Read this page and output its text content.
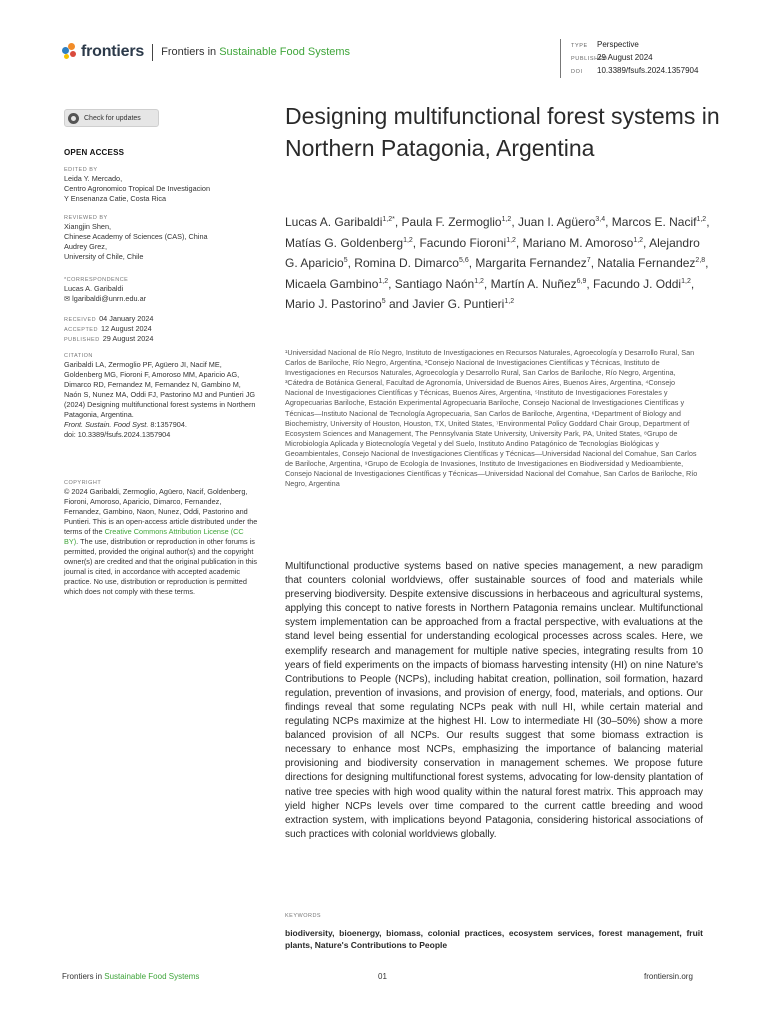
frontiers Frontiers in Sustainable Food Systems	TYPE Perspective
PUBLISHED29 August 2024
DOI 10.3389/fsufs.2024.1357904
Check for updates
OPEN ACCESS
EDITED BY
Leida Y. Mercado,
Centro Agronomico Tropical De Investigacion
Y Ensenanza Catie, Costa Rica
REVIEWED BY
Xiangjin Shen,
Chinese Academy of Sciences (CAS), China
Audrey Grez,
University of Chile, Chile
*CORRESPONDENCE
Lucas A. Garibaldi
✉ lgaribaldi@unrn.edu.ar
RECEIVED 04 January 2024
ACCEPTED 12 August 2024
PUBLISHED 29 August 2024
CITATION
Garibaldi LA, Zermoglio PF, Agüero JI, Nacif ME, Goldenberg MG, Fioroni F, Amoroso MM, Aparicio AG, Dimarco RD, Fernandez M, Fernandez N, Gambino M, Naón S, Nunez MA, Oddi FJ, Pastorino MJ and Puntieri JG (2024) Designing multifunctional forest systems in Northern Patagonia, Argentina.
Front. Sustain. Food Syst. 8:1357904.
doi: 10.3389/fsufs.2024.1357904
COPYRIGHT
© 2024 Garibaldi, Zermoglio, Agüero, Nacif, Goldenberg, Fioroni, Amoroso, Aparicio, Dimarco, Fernandez, Fernandez, Gambino, Naon, Nunez, Oddi, Pastorino and Puntieri. This is an open-access article distributed under the terms of the Creative Commons Attribution License (CC BY). The use, distribution or reproduction in other forums is permitted, provided the original author(s) and the copyright owner(s) are credited and that the original publication in this journal is cited, in accordance with accepted academic practice. No use, distribution or reproduction is permitted which does not comply with these terms.
Designing multifunctional forest systems in Northern Patagonia, Argentina

Lucas A. Garibaldi$^{1,2*}$, Paula F. Zermoglio$^{1,2}$, Juan I. Agüero$^{3,4}$, Marcos E. Nacif$^{1,2}$, Matías G. Goldenberg$^{1,2}$, Facundo Fioroni$^{1,2}$, Mariano M. Amoroso$^{1,2}$, Alejandro G. Aparicio$^5$, Romina D. Dimarco$^{5,6}$, Margarita Fernandez$^7$, Natalia Fernandez$^{2,8}$, Micaela Gambino$^{1,2}$, Santiago Naón$^{1,2}$, Martín A. Nuñez$^{6,9}$, Facundo J. Oddi$^{1,2}$, Mario J. Pastorino$^5$ and Javier G. Puntieri$^{1,2}$

¹Universidad Nacional de Río Negro, Instituto de Investigaciones en Recursos Naturales, Agroecología y Desarrollo Rural, San Carlos de Bariloche, Río Negro, Argentina, ²Consejo Nacional de Investigaciones Científicas y Técnicas, Instituto de Investigaciones en Recursos Naturales, Agroecología y Desarrollo Rural, San Carlos de Bariloche, Río Negro, Argentina, ³Cátedra de Botánica General, Facultad de Agronomía, Universidad de Buenos Aires, Buenos Aires, Argentina, ⁴Consejo Nacional de Investigaciones Científicas y Técnicas, Buenos Aires, Argentina, ⁵Instituto de Investigaciones Forestales y Agropecuarias Bariloche, Estación Experimental Agropecuaria Bariloche, Consejo Nacional de Investigaciones Científicas y Técnicas—Instituto Nacional de Tecnología Agropecuaria, San Carlos de Bariloche, Argentina, ⁶Department of Biology and Biochemistry, University of Houston, Houston, TX, United States, ⁷Environmental Policy Goddard Chair Group, Department of Ecosystem Sciences and Management, The Pennsylvania State University, University Park, PA, United States, ⁸Grupo de Microbiología Aplicada y Biotecnología Vegetal y del Suelo, Instituto Andino Patagónico de Tecnologías Biológicas y Geoambientales, Consejo Nacional de Investigaciones Científicas y Técnicas—Universidad Nacional del Comahue, San Carlos de Bariloche, Argentina, ⁹Grupo de Ecología de Invasiones, Instituto de Investigaciones en Biodiversidad y Medioambiente, Consejo Nacional de Investigaciones Científicas y Técnicas—Universidad Nacional del Comahue, San Carlos de Bariloche, Río Negro, Argentina

Multifunctional productive systems based on native species management, a new paradigm that counters colonial worldviews, offer sustainable sources of food and materials while preserving biodiversity. Despite extensive discussions in herbaceous and agricultural systems, applying this concept to native forests in Northern Patagonia remains unclear. Multifunctional system implementation can be approached from a fractal perspective, with evaluations at the stand level being essential for understanding ecological processes across scales. Here, we exemplify research and management for multiple native species, integrating results from 10 years of field experiments on the impacts of biomass harvesting intensity (HI) on nine Nature's Contributions to People (NCPs), including habitat creation, pollination, soil formation, hazard regulation, prevention of invasions, and provision of energy, food, materials, and options. Our findings reveal that some regulating NCPs peak with null HI, while certain material and regulating NCPs maximize at the highest HI. Low to intermediate HI (30–50%) show a more balanced provision of all NCPs. Our results suggest that some biomass extraction is necessary to enhance most NCPs, emphasizing the importance of balancing material provisioning and biodiversity conservation in management schemes. We propose future directions for designing multifunctional forest systems, advocating for low-density plantation of native tree species with high wood quality within the natural forest matrix. This approach may yield higher NCPs levels over time compared to the current cattle breeding and wood extraction system, with implications beyond Patagonia, considering historical associations of such practices with colonial worldviews globally.

KEYWORDS

biodiversity, bioenergy, biomass, colonial practices, ecosystem services, forest management, fruit plants, Nature's Contributions to People

Frontiers in Sustainable Food Systems	01	frontiersin.org
